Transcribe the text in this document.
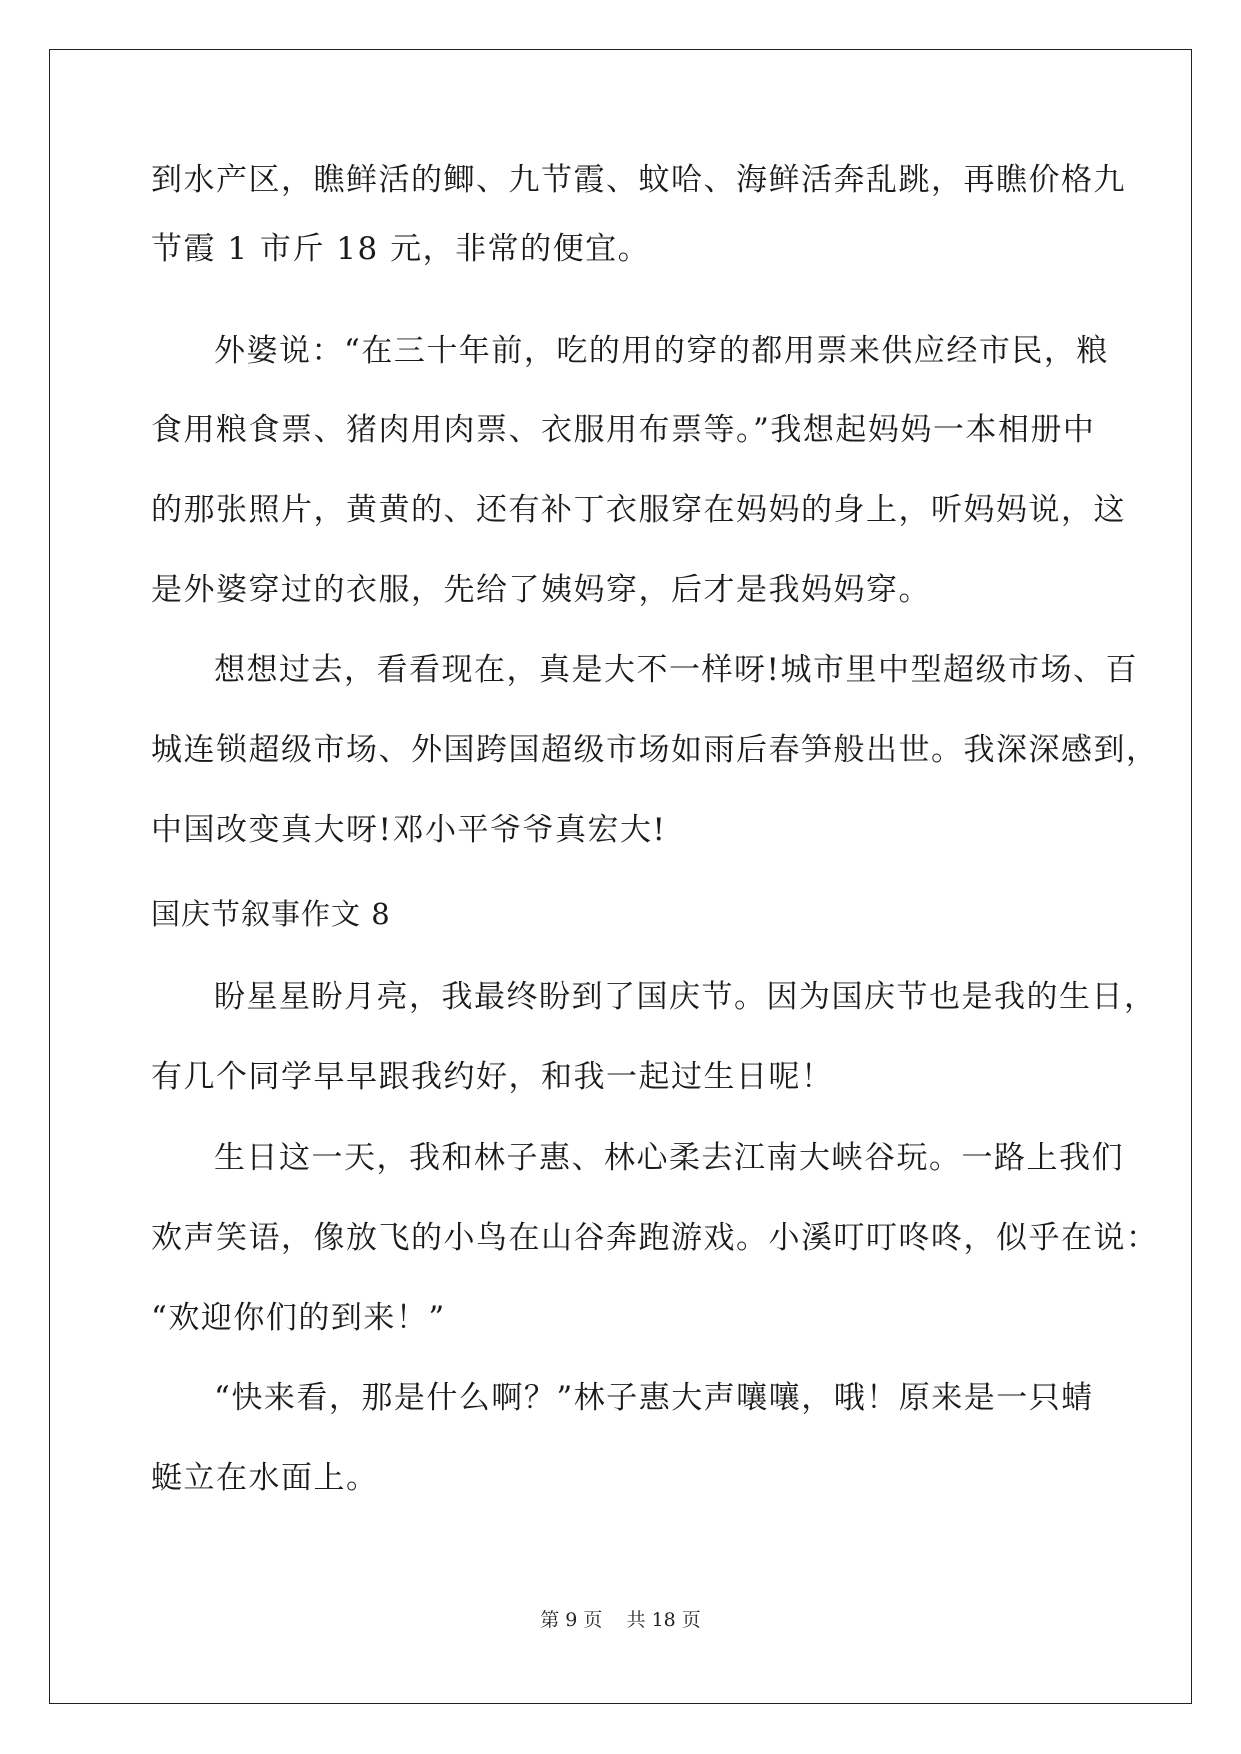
到水产区，瞧鲜活的鲫、九节霞、蚊哈、海鲜活奔乱跳，再瞧价格九
节霞 1 市斤 18 元，非常的便宜。
外婆说：“在三十年前，吃的用的穿的都用票来供应经市民，粮
食用粮食票、猪肉用肉票、衣服用布票等。”我想起妈妈一本相册中
的那张照片，黄黄的、还有补丁衣服穿在妈妈的身上，听妈妈说，这
是外婆穿过的衣服，先给了姨妈穿，后才是我妈妈穿。
想想过去，看看现在，真是大不一样呀!城市里中型超级市场、百
城连锁超级市场、外国跨国超级市场如雨后春笋般出世。我深深感到，
中国改变真大呀!邓小平爷爷真宏大!
国庆节叙事作文 8
盼星星盼月亮，我最终盼到了国庆节。因为国庆节也是我的生日，
有几个同学早早跟我约好，和我一起过生日呢！
生日这一天，我和林子惠、林心柔去江南大峡谷玩。一路上我们
欢声笑语，像放飞的小鸟在山谷奔跑游戏。小溪叮叮咚咚，似乎在说：
“欢迎你们的到来！”
“快来看，那是什么啊？”林子惠大声嚷嚷，哦！原来是一只蜻
蜓立在水面上。
第 9 页 共 18 页
